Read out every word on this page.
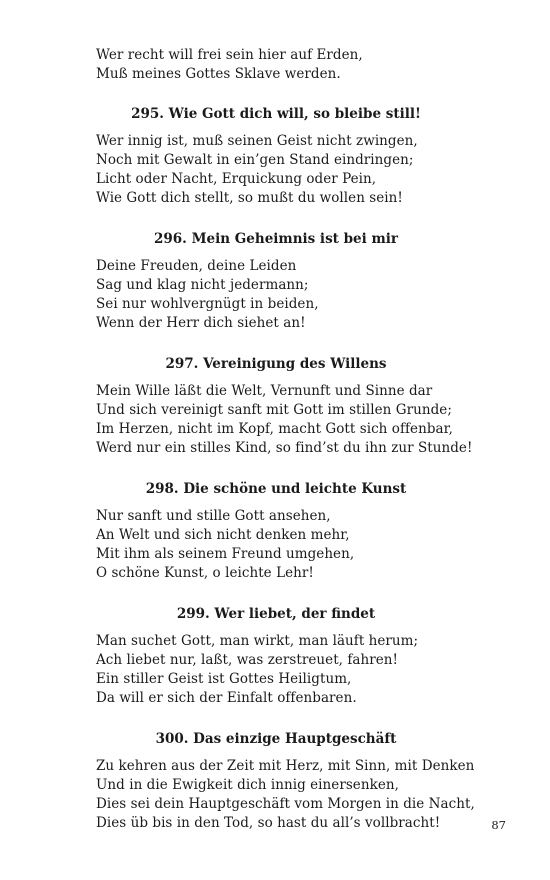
Wer recht will frei sein hier auf Erden,
Muß meines Gottes Sklave werden.
295. Wie Gott dich will, so bleibe still!
Wer innig ist, muß seinen Geist nicht zwingen,
Noch mit Gewalt in ein’gen Stand eindringen;
Licht oder Nacht, Erquickung oder Pein,
Wie Gott dich stellt, so mußt du wollen sein!
296. Mein Geheimnis ist bei mir
Deine Freuden, deine Leiden
Sag und klag nicht jedermann;
Sei nur wohlvergnügt in beiden,
Wenn der Herr dich siehet an!
297. Vereinigung des Willens
Mein Wille läßt die Welt, Vernunft und Sinne dar
Und sich vereinigt sanft mit Gott im stillen Grunde;
Im Herzen, nicht im Kopf, macht Gott sich offenbar,
Werd nur ein stilles Kind, so find’st du ihn zur Stunde!
298. Die schöne und leichte Kunst
Nur sanft und stille Gott ansehen,
An Welt und sich nicht denken mehr,
Mit ihm als seinem Freund umgehen,
O schöne Kunst, o leichte Lehr!
299. Wer liebet, der findet
Man suchet Gott, man wirkt, man läuft herum;
Ach liebet nur, laßt, was zerstreuet, fahren!
Ein stiller Geist ist Gottes Heiligtum,
Da will er sich der Einfalt offenbaren.
300. Das einzige Hauptgeschäft
Zu kehren aus der Zeit mit Herz, mit Sinn, mit Denken
Und in die Ewigkeit dich innig einersenken,
Dies sei dein Hauptgeschäft vom Morgen in die Nacht,
Dies üb bis in den Tod, so hast du all’s vollbracht!	87
